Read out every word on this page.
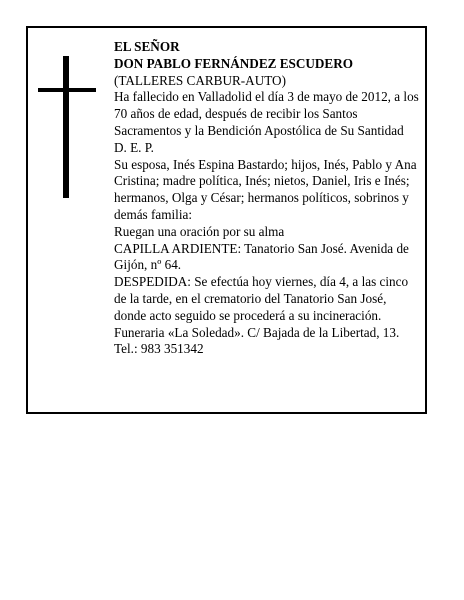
EL SEÑOR

DON PABLO FERNÁNDEZ ESCUDERO

(TALLERES CARBUR-AUTO)

Ha fallecido en Valladolid el día 3 de mayo de 2012, a los 70 años de edad, después de recibir los Santos Sacramentos y la Bendición Apostólica de Su Santidad

D. E. P.

Su esposa, Inés Espina Bastardo; hijos, Inés, Pablo y Ana Cristina; madre política, Inés; nietos, Daniel, Iris e Inés; hermanos, Olga y César; hermanos políticos, sobrinos y demás familia:

Ruegan una oración por su alma

CAPILLA ARDIENTE: Tanatorio San José. Avenida de Gijón, nº 64.

DESPEDIDA: Se efectúa hoy viernes, día 4, a las cinco de la tarde, en el crematorio del Tanatorio San José, donde acto seguido se procederá a su incineración.

Funeraria «La Soledad». C/ Bajada de la Libertad, 13.

Tel.: 983 351342
